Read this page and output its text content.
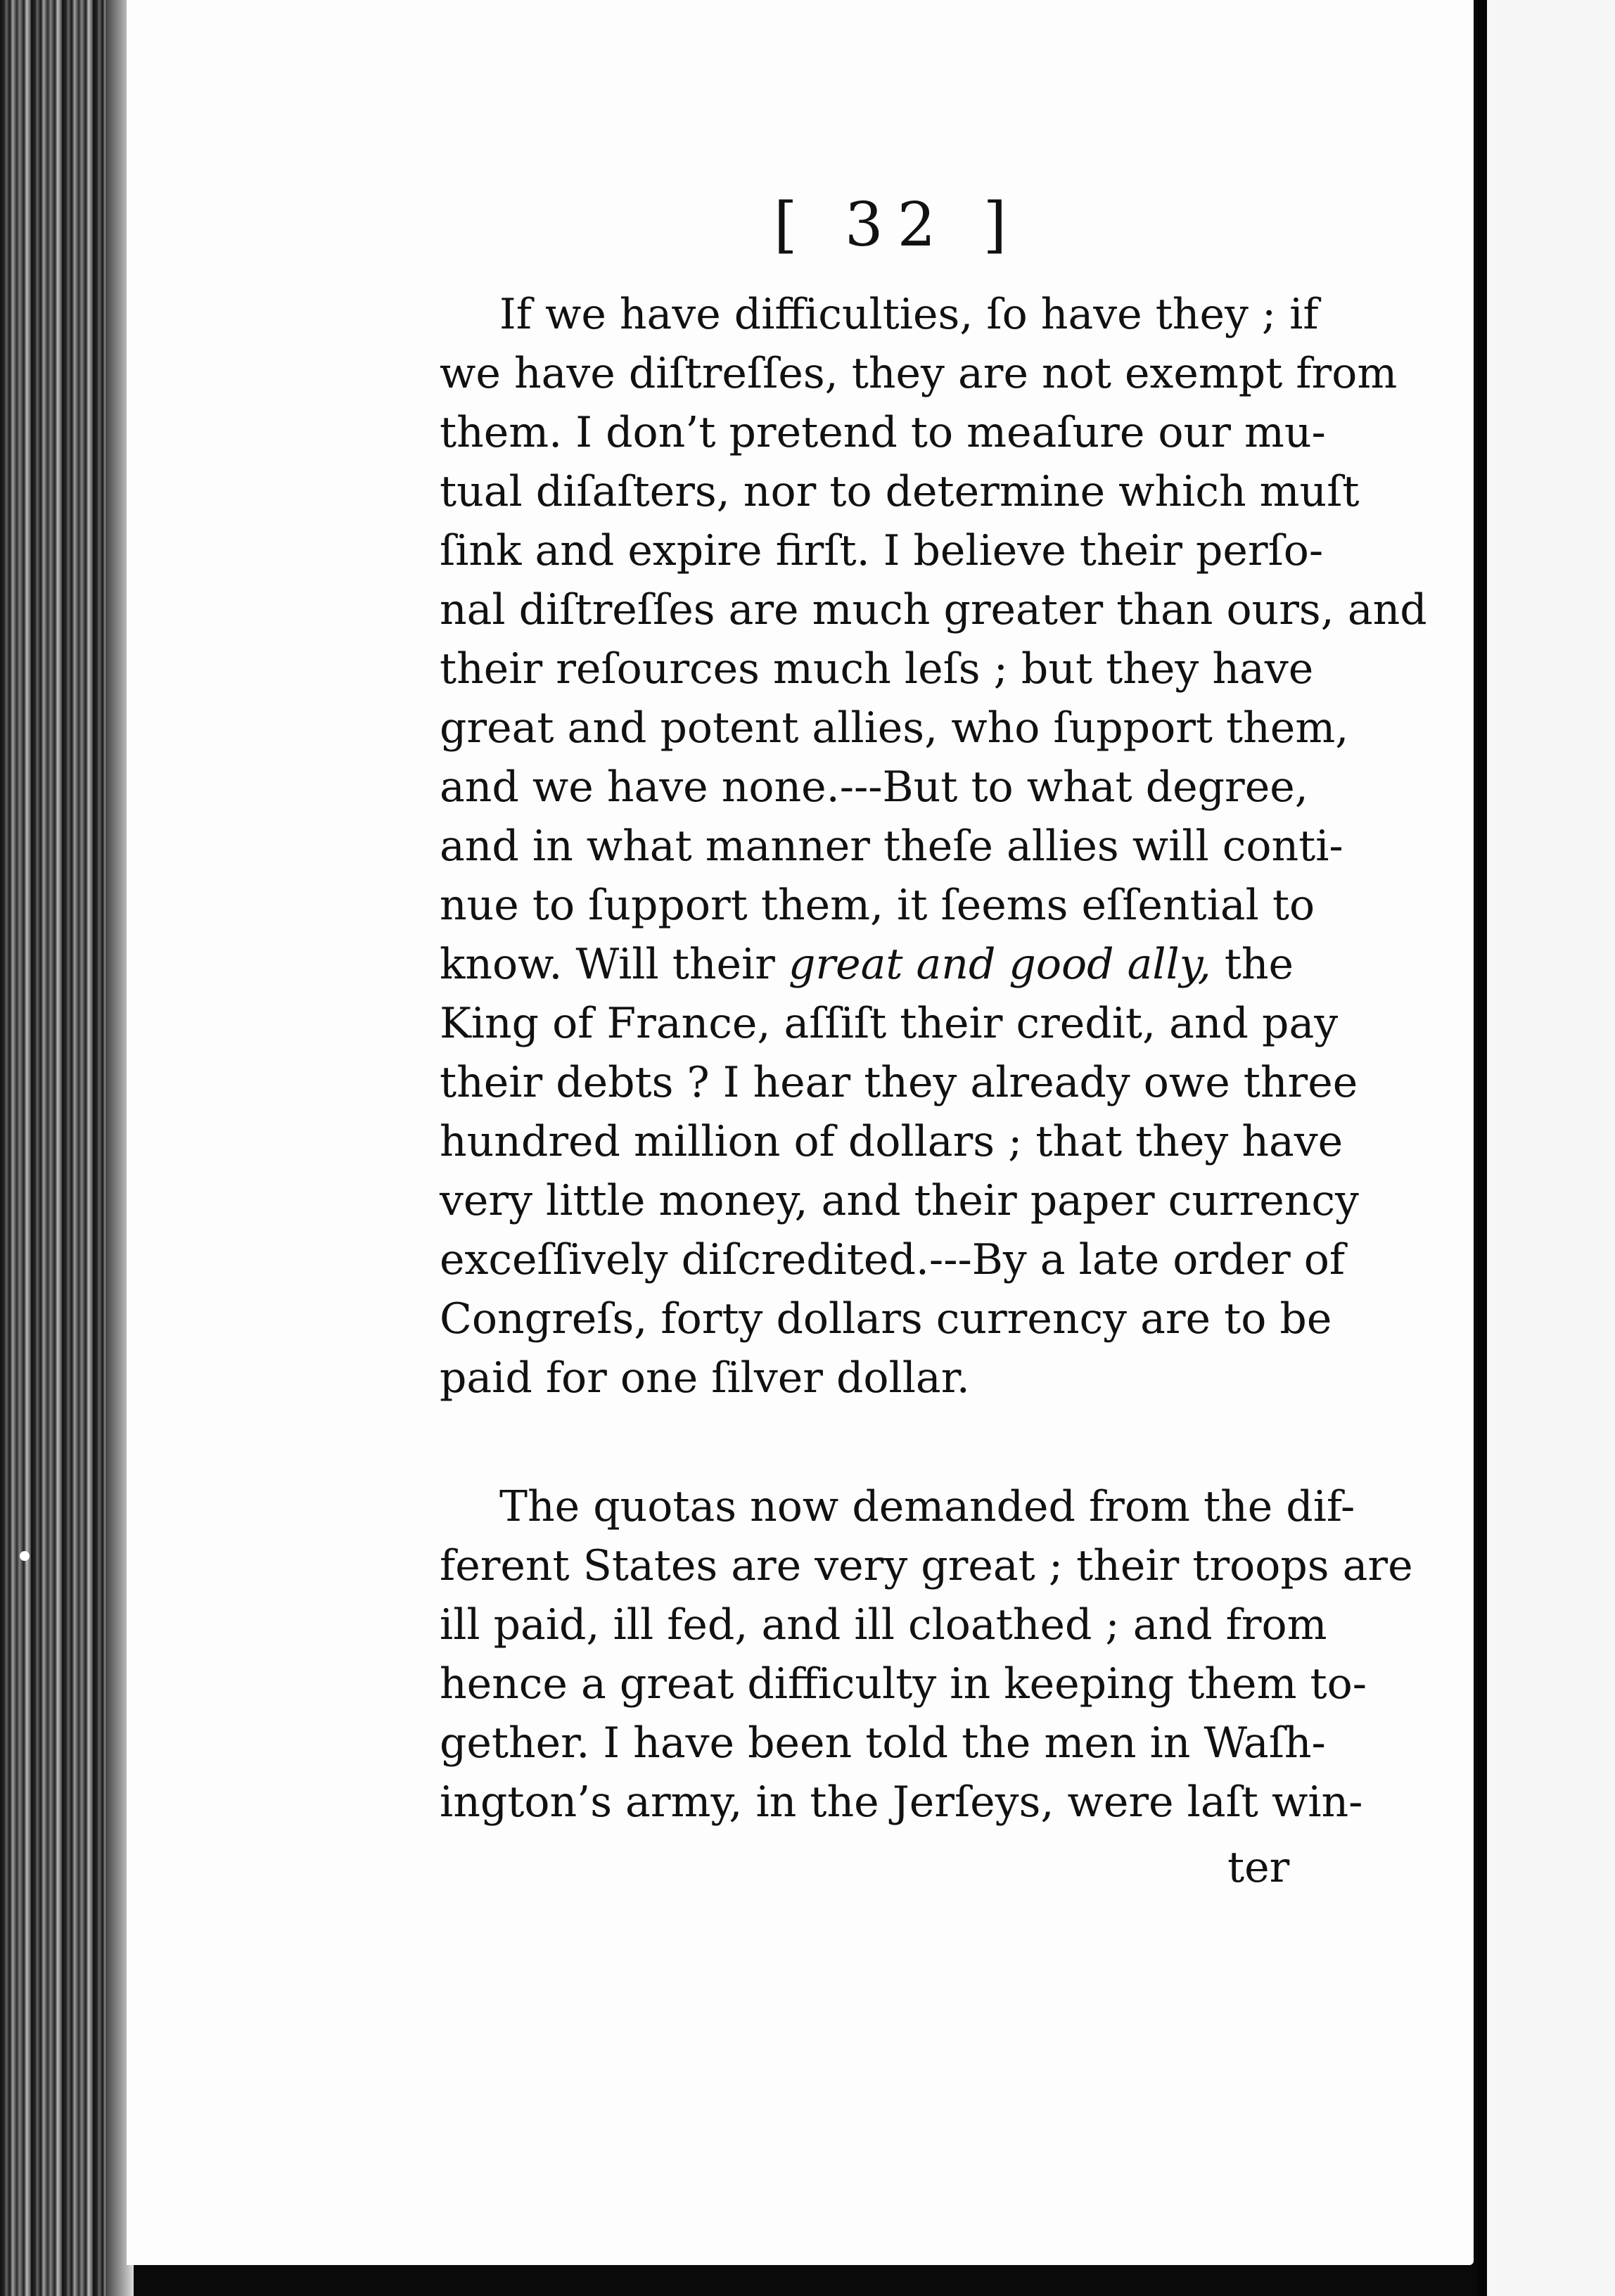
[ 32 ]
If we have difficulties, ſo have they ; if
we have diſtreſſes, they are not exempt from
them. I don’t pretend to meaſure our mu-
tual diſaſters, nor to determine which muſt
ſink and expire firſt. I believe their perſo-
nal diſtreſſes are much greater than ours, and
their reſources much leſs ; but they have
great and potent allies, who ſupport them,
and we have none.---But to what degree,
and in what manner theſe allies will conti-
nue to ſupport them, it ſeems eſſential to
know. Will their great and good ally, the
King of France, aſſiſt their credit, and pay
their debts ? I hear they already owe three
hundred million of dollars ; that they have
very little money, and their paper currency
exceſſively diſcredited.---By a late order of
Congreſs, forty dollars currency are to be
paid for one ſilver dollar.
The quotas now demanded from the dif-
ferent States are very great ; their troops are
ill paid, ill fed, and ill cloathed ; and from
hence a great difficulty in keeping them to-
gether. I have been told the men in Waſh-
ington’s army, in the Jerſeys, were laſt win-
ter
